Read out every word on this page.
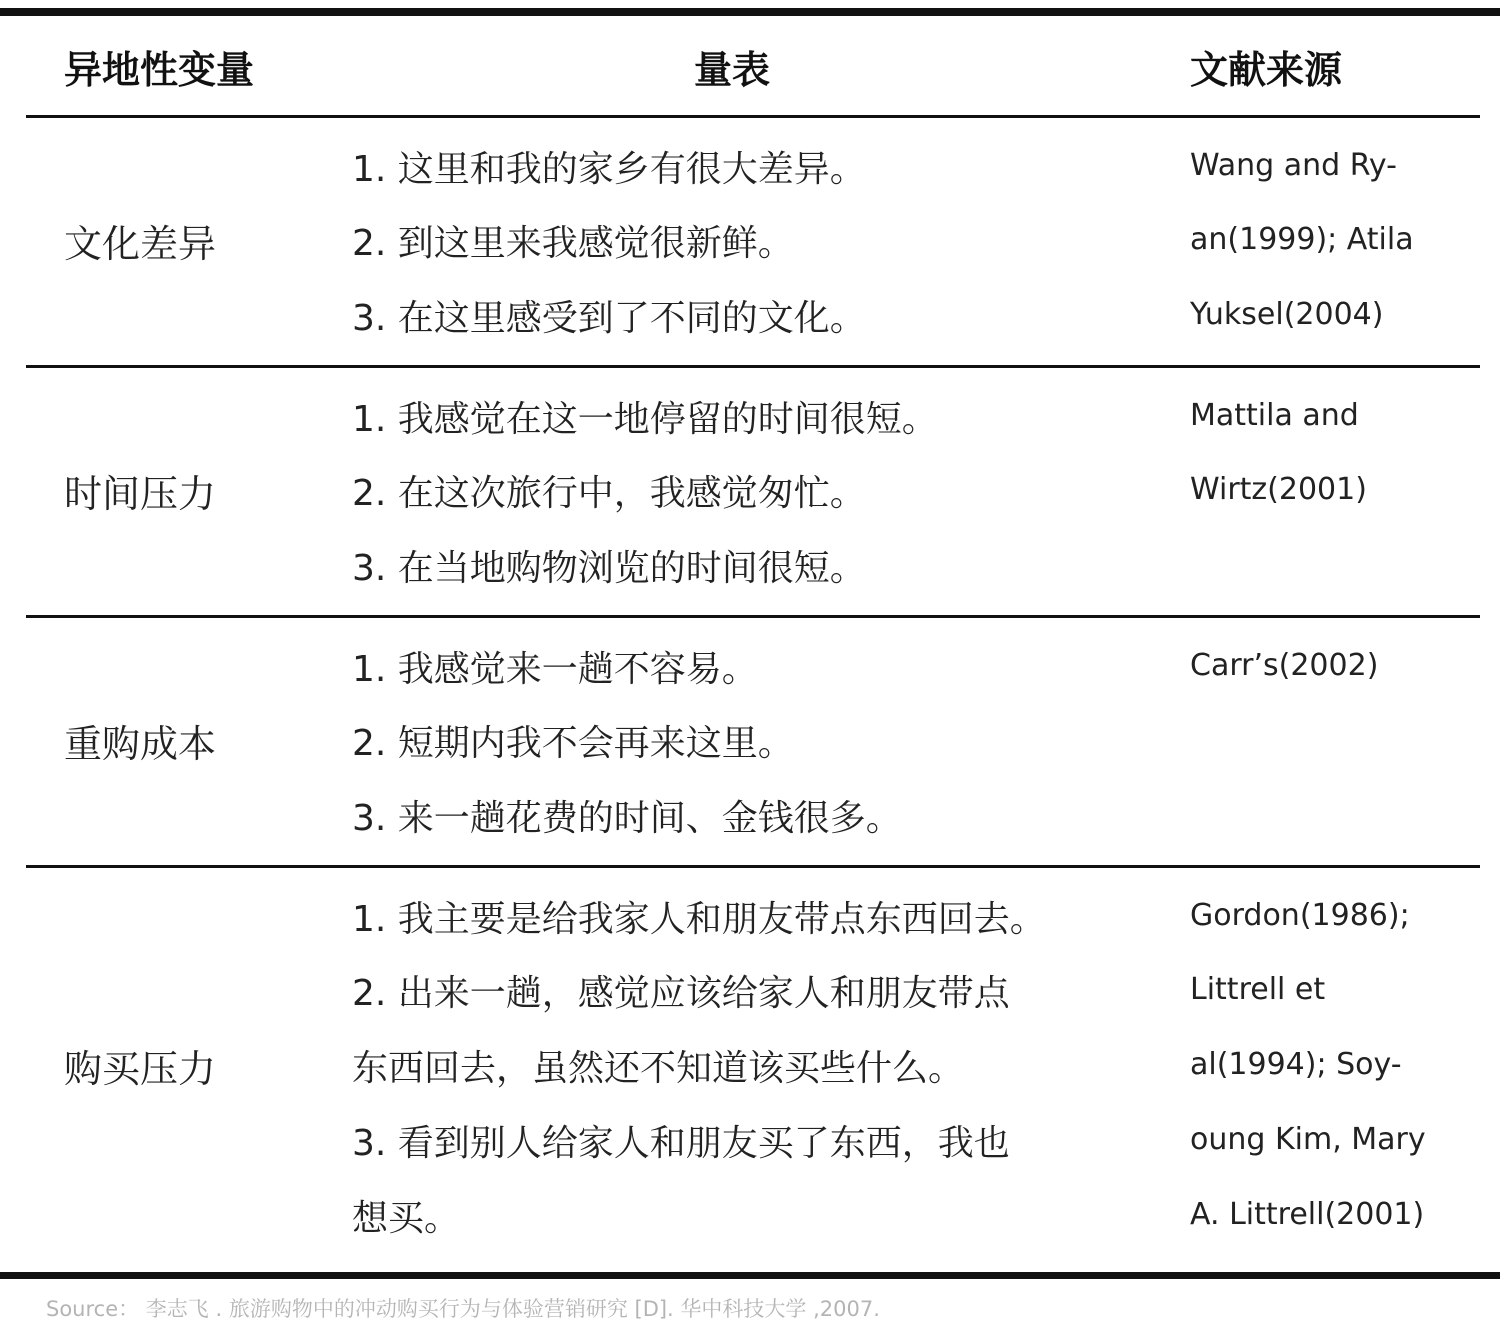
异地性变量	量表	文献来源
文化差异
1. 这里和我的家乡有很大差异。
2. 到这里来我感觉很新鲜。
3. 在这里感受到了不同的文化。
Wang and Ry-
an(1999); Atila
Yuksel(2004)
时间压力
1. 我感觉在这一地停留的时间很短。
2. 在这次旅行中，我感觉匆忙。
3. 在当地购物浏览的时间很短。
Mattila and
Wirtz(2001)
重购成本
1. 我感觉来一趟不容易。
2. 短期内我不会再来这里。
3. 来一趟花费的时间、金钱很多。
Carr’s(2002)
购买压力
1. 我主要是给我家人和朋友带点东西回去。
2. 出来一趟，感觉应该给家人和朋友带点
东西回去，虽然还不知道该买些什么。
3. 看到别人给家人和朋友买了东西，我也
想买。
Gordon(1986);
Littrell et
al(1994); Soy-
oung Kim, Mary
A. Littrell(2001)
Source： 李志飞 . 旅游购物中的冲动购买行为与体验营销研究 [D]. 华中科技大学 ,2007.
